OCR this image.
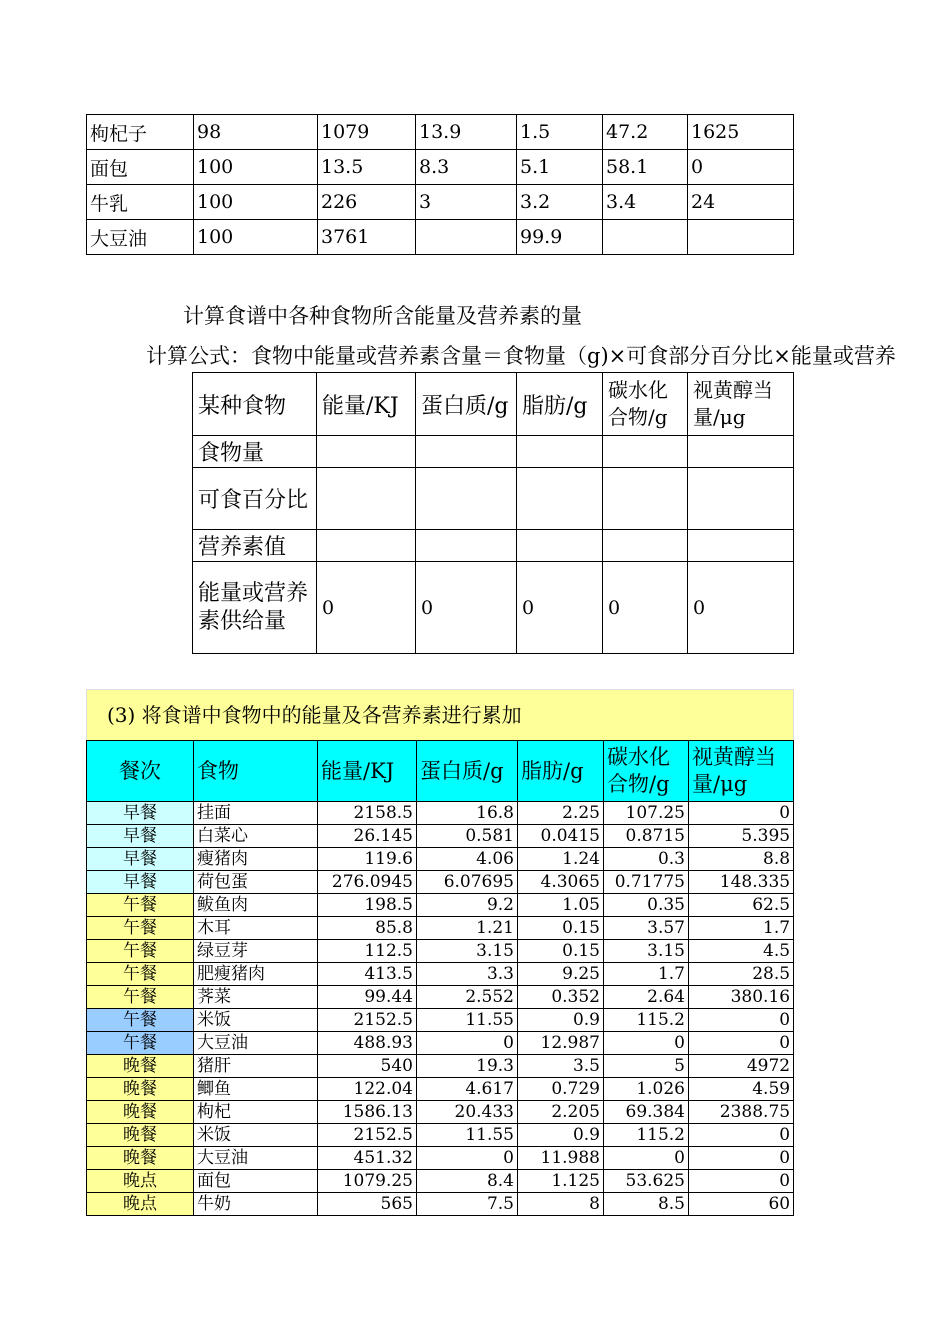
枸杞子	98	1079	13.9	1.5	47.2	1625
面包	100	13.5	8.3	5.1	58.1	0
牛乳	100	226	3	3.2	3.4	24
大豆油	100	3761		99.9		
计算食谱中各种食物所含能量及营养素的量
计算公式：食物中能量或营养素含量＝食物量（g)×可食部分百分比×能量或营养
某种食物	能量/KJ	蛋白质/g	脂肪/g	碳水化合物/g	视黄醇当量/μg
食物量					
可食百分比					
营养素值					
能量或营养素供给量	0	0	0	0	0
(3) 将食谱中食物中的能量及各营养素进行累加						
餐次	食物	能量/KJ	蛋白质/g	脂肪/g	碳水化合物/g	视黄醇当量/μg
早餐	挂面	2158.5	16.8	2.25	107.25	0
早餐	白菜心	26.145	0.581	0.0415	0.8715	5.395
早餐	瘦猪肉	119.6	4.06	1.24	0.3	8.8
早餐	荷包蛋	276.0945	6.07695	4.3065	0.71775	148.335
午餐	鲅鱼肉	198.5	9.2	1.05	0.35	62.5
午餐	木耳	85.8	1.21	0.15	3.57	1.7
午餐	绿豆芽	112.5	3.15	0.15	3.15	4.5
午餐	肥瘦猪肉	413.5	3.3	9.25	1.7	28.5
午餐	荠菜	99.44	2.552	0.352	2.64	380.16
午餐	米饭	2152.5	11.55	0.9	115.2	0
午餐	大豆油	488.93	0	12.987	0	0
晚餐	猪肝	540	19.3	3.5	5	4972
晚餐	鲫鱼	122.04	4.617	0.729	1.026	4.59
晚餐	枸杞	1586.13	20.433	2.205	69.384	2388.75
晚餐	米饭	2152.5	11.55	0.9	115.2	0
晚餐	大豆油	451.32	0	11.988	0	0
晚点	面包	1079.25	8.4	1.125	53.625	0
晚点	牛奶	565	7.5	8	8.5	60
